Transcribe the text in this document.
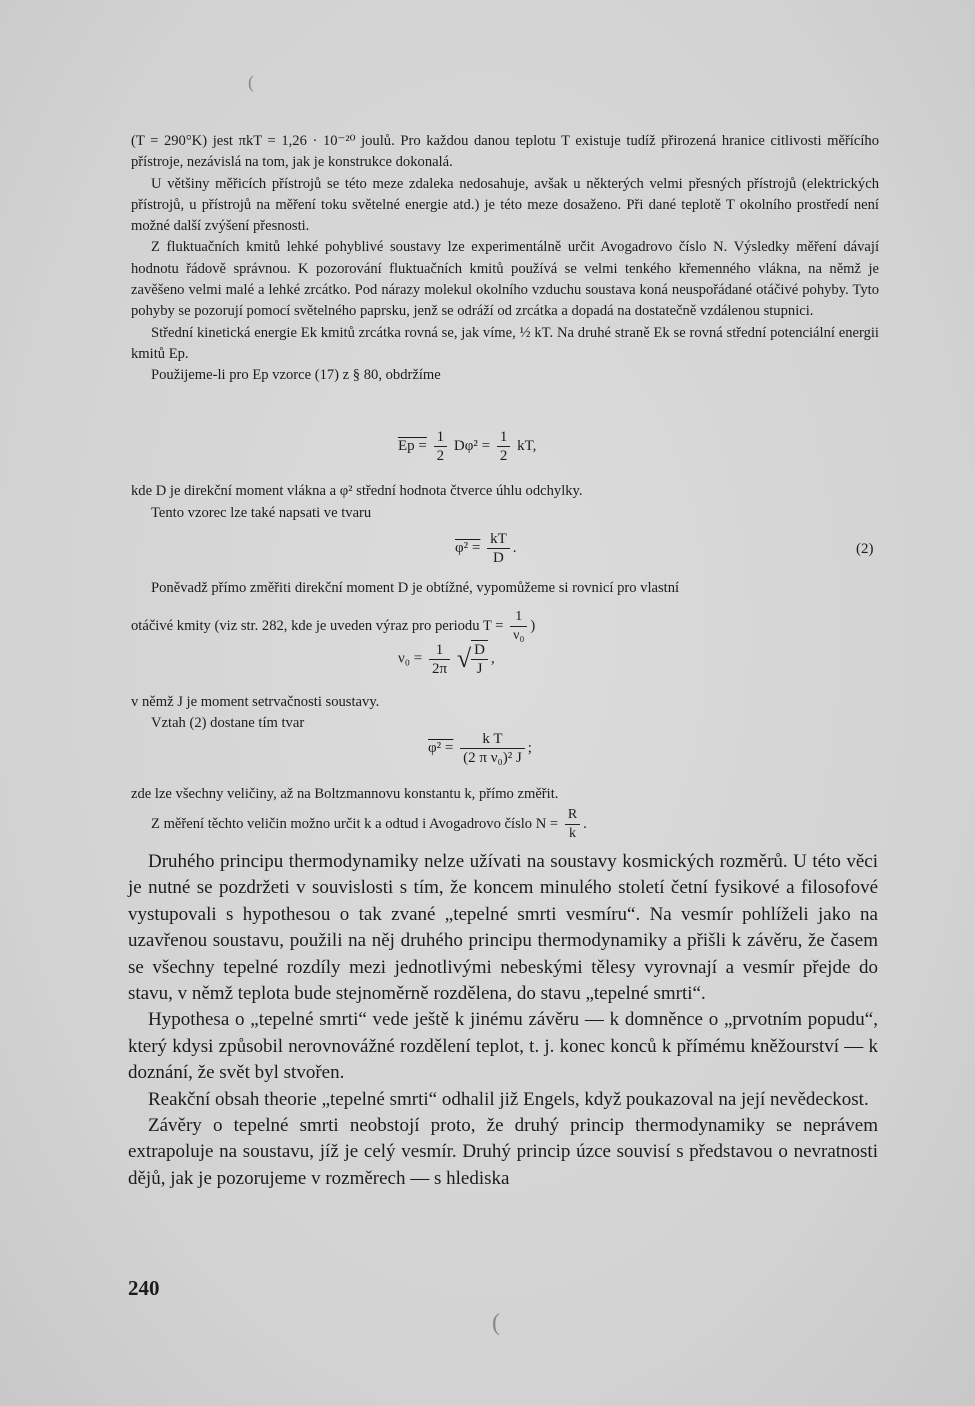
(T = 290°K) jest πkT = 1,26 · 10⁻²⁰ joulů. Pro každou danou teplotu T existuje tudíž přirozená hranice citlivosti měřícího přístroje, nezávislá na tom, jak je konstrukce dokonalá.

U většiny měřicích přístrojů se této meze zdaleka nedosahuje, avšak u některých velmi přesných přístrojů (elektrických přístrojů, u přístrojů na měření toku světelné energie atd.) je této meze dosaženo. Při dané teplotě T okolního prostředí není možné další zvýšení přesnosti.

Z fluktuačních kmitů lehké pohyblivé soustavy lze experimentálně určit Avogadrovo číslo N. Výsledky měření dávají hodnotu řádově správnou. K pozorování fluktuačních kmitů používá se velmi tenkého křemenného vlákna, na němž je zavěšeno velmi malé a lehké zrcátko. Pod nárazy molekul okolního vzduchu soustava koná neuspořádané otáčivé pohyby. Tyto pohyby se pozorují pomocí světelného paprsku, jenž se odráží od zrcátka a dopadá na dostatečně vzdálenou stupnici.

Střední kinetická energie Ek kmitů zrcátka rovná se, jak víme, ½ kT. Na druhé straně Ek se rovná střední potenciální energii kmitů Ep.

Použijeme-li pro Ep vzorce (17) z § 80, obdržíme

$Ep = \frac{1}{2} D\varphi^2 = \frac{1}{2}$ kT,
kde D je direkční moment vlákna a φ² střední hodnota čtverce úhlu odchylky.
Tento vzorec lze také napsati ve tvaru
$\varphi^2 = \frac{kT}{D}$ .	(2)
Poněvadž přímo změřiti direkční moment D je obtížné, vypomůžeme si rovnicí pro vlastní
otáčivé kmity (viz str. 282, kde je uveden výraz pro periodu $T = \frac{1}{\text{ν₀}}$ )
$\nu_0 = \frac{1}{2\pi}$ √ $\frac{D}{J}$ ,
v němž J je moment setrvačnosti soustavy.
Vztah (2) dostane tím tvar
$\varphi^2 = \frac{\text{k T}}{\text{(2 π ν₀)² J}}$ ;
zde lze všechny veličiny, až na Boltzmannovu konstantu k, přímo změřit.
Z měření těchto veličin možno určit k a odtud i Avogadrovo číslo $N = \frac{R}{k}$ .

Druhého principu thermodynamiky nelze užívati na soustavy kosmických rozměrů. U této věci je nutné se pozdržeti v souvislosti s tím, že koncem minulého století četní fysikové a filosofové vystupovali s hypothesou o tak zvané „tepelné smrti vesmíru“. Na vesmír pohlíželi jako na uzavřenou soustavu, použili na něj druhého principu thermodynamiky a přišli k závěru, že časem se všechny tepelné rozdíly mezi jednotlivými nebeskými tělesy vyrovnají a vesmír přejde do stavu, v němž teplota bude stejnoměrně rozdělena, do stavu „tepelné smrti“.

Hypothesa o „tepelné smrti“ vede ještě k jinému závěru — k domněnce o „prvotním popudu“, který kdysi způsobil nerovnovážné rozdělení teplot, t. j. konec konců k přímému kněžourství — k doznání, že svět byl stvořen.

Reakční obsah theorie „tepelné smrti“ odhalil již Engels, když poukazoval na její nevědeckost.

Závěry o tepelné smrti neobstojí proto, že druhý princip thermodynamiky se neprávem extrapoluje na soustavu, jíž je celý vesmír. Druhý princip úzce souvisí s představou o nevratnosti dějů, jak je pozorujeme v rozměrech — s hlediska

240
(
(
